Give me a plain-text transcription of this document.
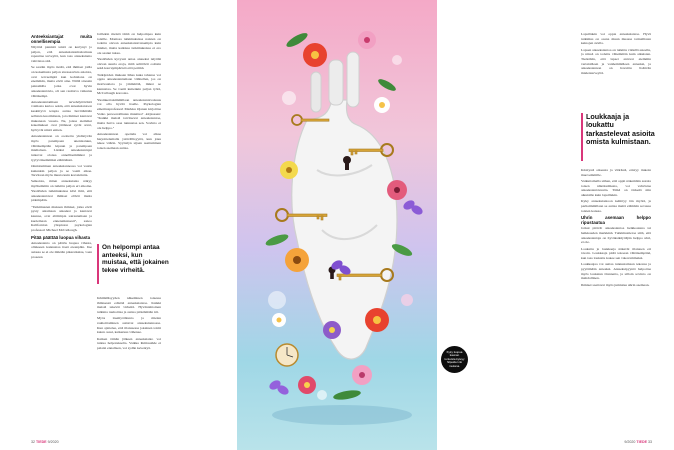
Anteeksiantajat muita onnellisempia

Näyttöä pienistä teistä on kertynyt jo paljon, että anteeksiantamattomuus rapauttaa terveyttä, kun taas anteeksianto vahvistaa sitä.

Se saatiin myös tietää, että ihmiset joilla on kokemusta paljon stressaavista asioista, ovat terveempiä kun kohtalona on enemmän, mutta eivät aina. Niillä stressin painamilla jotka ovat hyvin anteeksiantavia, oli sen rasittava vaikutus vähäisempi.

Anteeksiantamisen tervehdyttävästä voimasta kertoo sekin, että anteeksiantoon keskittyvä terapia auttaa lievittämään sellaista kuormitusta, jota ihmiset kantavat mukanaan vuosia. Ne, joissa aiemmat kokemukset ovat jättäneet syvät arvet, hyötyvät niistä eniten.

Anteeksiannon on osoitettu yhdistyvän myös parempaan unenlaatuun, vähäisempään kipuun ja parempaan mielialaan. Lisäksi anteeksiantajat tuntevat olonsa onnellisemmiksi ja tyytyväisemmiksi elämäänsä.

Onnistuminen anteeksiannossa voi vaatia kuitenkin paljon ja se vaatii aikaa. Tarvitaan myös muuta kuin korrektiutta.

Seikoista, miten anteeksianto näkyy myöhemmin on tutkittu paljon eri aikoina. Yksilöiden tutkimuksissa kävi ilmi, että anteeksiantavat ihmiset elävät muita pidempään.

"Tutkimusten mukaan ihmiset, jotka eivät pysty antamaan anteeksi ja kantavat kaunaa, ovat alttiimpia sairastumaan ja kuolemaan ennenaikaisesti", sanoo Kalifornian yliopiston psykologian professori Michael McCullough.

Pitää päättää luopua vihasta

Anteeksianto on päätös luopua vihasta, ollakseen kannustaa itseä eteenpäin. Itse asiassa se ei ole mikään pikaratkaisu, vaan prosessi.

Joillekin meistä tämä on helpompaa kuin toisille. Monissa tutkimuksissa naisten on todettu olevan anteeksiantavaisempia kuin miehet, mutta kaikissa tutkimuksissa ei ero ole saanut tukea.

Yksilöiden kyvyssä antaa anteeksi näyttää olevan suuria eroja, mitä selittävät osittain sekä kasvuympäristö että perimä.

Tutkijoiden mukaan lähes kuka tahansa voi oppia anteeksiantamaan vähitellen, jos on motivaatiota ja ymmärtää, miksi se kannattaa. Se vaatii kuitenkin paljon työtä, McCullough korostaa.

Yksinkertaisimmillaan anteeksiantavaisuus voi olla hyvää itselle. Psykologian emeritusprofessori Markku Ojanen kirjoittaa Voiko persoonallisuus muuttua? -kirjassaan: "Kaikki meistä tarvitsevat anteeksiantoa, mutta harva osaa tunnustaa sen. Sovinto ei ole helppo."

Anteeksiannon opettelu voi alkaa harjoittelemalla ystävällisyyttä, kun joku tekee väärin. Syyttelyn sijaan asettuminen toisen asemaan auttaa.

On helpompi antaa anteeksi, kun muistaa, että jokainen tekee virheitä.

Inhimillisyyden näkeminen toisessa ihmisessä edistää anteeksiantoa. Kaikki meistä tekevät virheitä. Hyväntahtoinen tulkinta rauhoittaa ja auttaa päästämään irti.

Myös itsemyötätunto ja mielen rauhoittaminen auttavat anteeksiannossa. Kun ajattelee, että tilanteessa jokainen toimi kuten osasi, katkeruus vähenee.

Kaiken tämän jälkeen anteeksianto voi tuntua helpotukselta. Vaikka ihmissuhde ei palaisi ennalleen, voi sydän keventyä.

32 TIEDE 9/2020

Lapsiltakin voi oppia anteeksiantoa. Hyvä tutkimus on osana muun muassa tarinallisten keinojen avulla.

Lapsen anteeksiantoa on tutkittu viidellä asteella, ja niissä on todettu vähemmän kuin aikuisten. Tiedetään, että lapset antavat aiemmin vertaisilleen ja vanhemmilleen anteeksi, ja anteeksiannon on havaittu lisäävän mielenterveyttä.

Loukkaaja ja loukattu tarkastelevat asioita omista kulmistaan.

Käsitystä oikeasta ja väärästä, eristyy tiukoin muovemmille.

Vaikuttamalla siihen, että oppii näkemään asioita toisen näkökulmasta, voi vahvistaa anteeksiantavuutta. Tämä on tärkeää niin aikuisille kuin lapsillekin.

Kyky anteeksiantoon kehittyy iän myötä, ja parhaimmillaan se auttaa meitä elämään sovussa toisten kanssa.

Uhrin asemaan helppo ripustautua

Jotkut pitävät anteeksiantoa heikkoutena tai heikkouden merkkinä. Tutkimustietoa siitä, että anteeksiantaja on hyväksikäyttäjän helppo uhri, ei ole.

Loukattu ja loukkaaja näkevät tilanteen eri tavoin. Loukkaaja pitää tekoaan vähäisempänä, kun taas loukattu kokee sen vakavammaksi.

Loukkaajaa voi auttaa tunnustamaan tekonsa ja pyytämään anteeksi. Anteeksipyyntö helpottaa myös loukatun tilannetta, ja silloin sovinto on mahdollinen.

Ihmiset saattavat myös jumiutua uhrin asemaan.

9/2020 TIEDE 33
Kyky luopua kaunan tunteista kyteyy hilpeiden ilo mukana.
